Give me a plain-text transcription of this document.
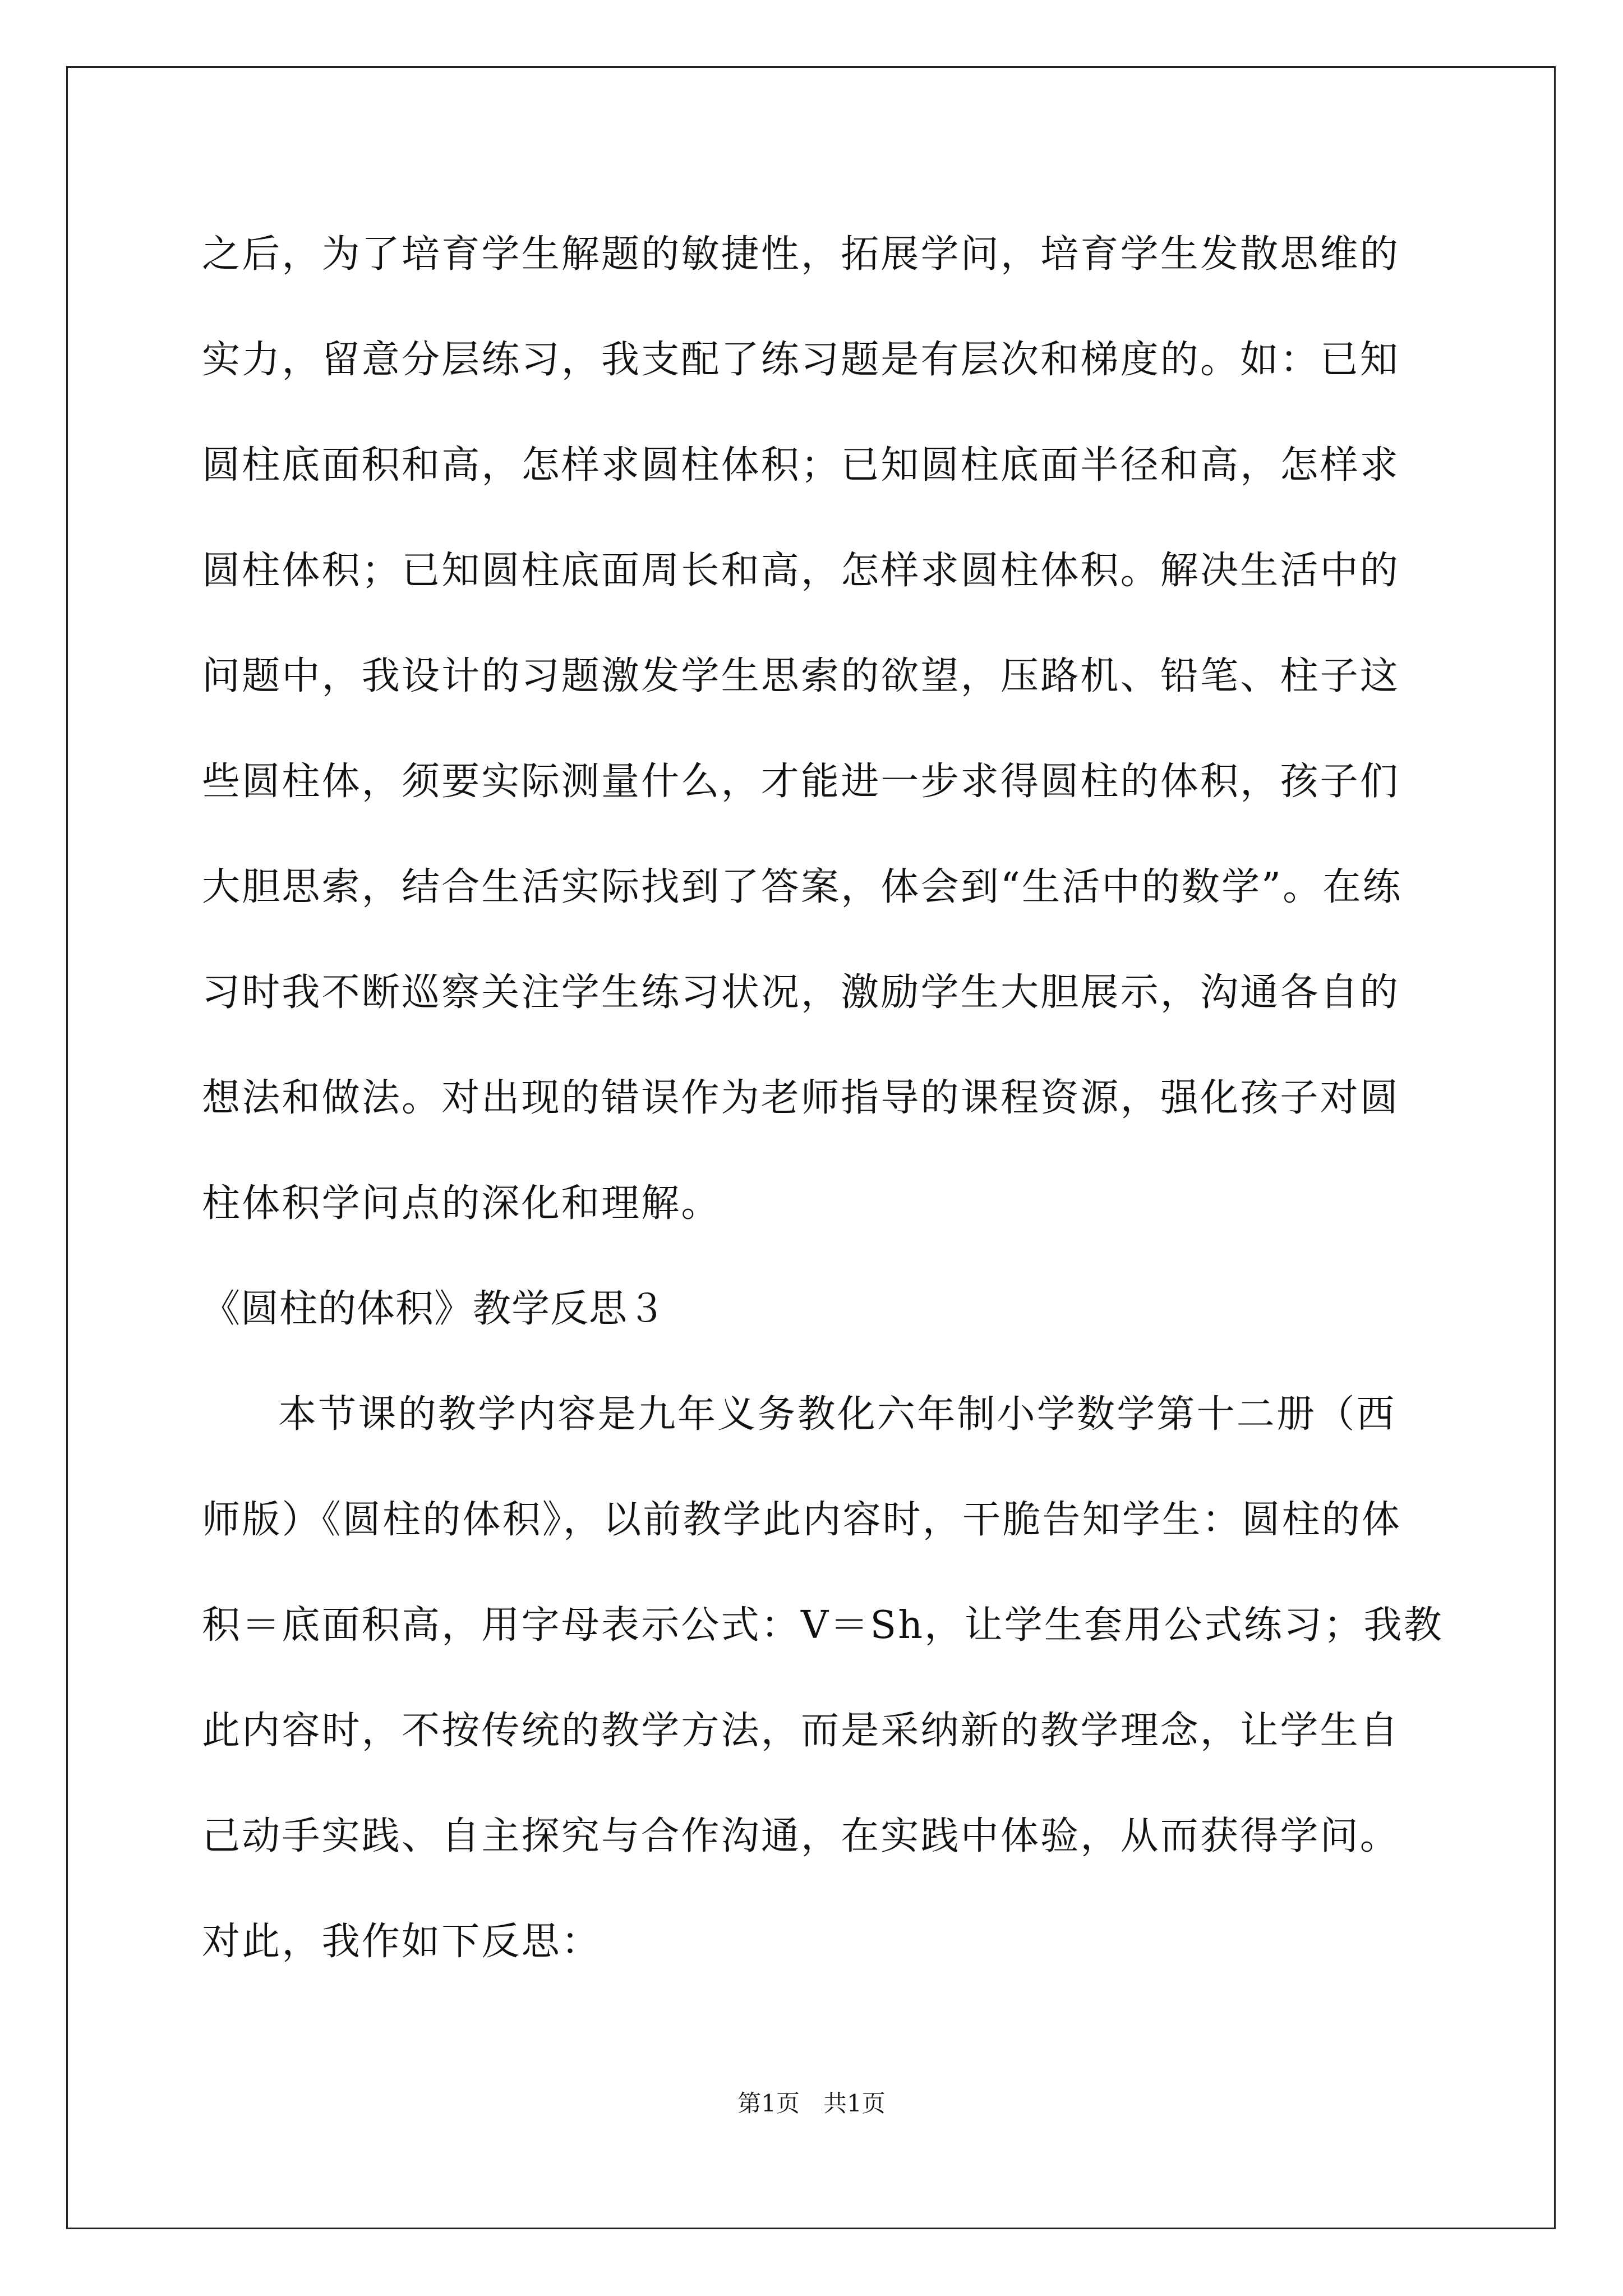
之后，为了培育学生解题的敏捷性，拓展学问，培育学生发散思维的
实力，留意分层练习，我支配了练习题是有层次和梯度的。如：已知
圆柱底面积和高，怎样求圆柱体积；已知圆柱底面半径和高，怎样求
圆柱体积；已知圆柱底面周长和高，怎样求圆柱体积。解决生活中的
问题中，我设计的习题激发学生思索的欲望，压路机、铅笔、柱子这
些圆柱体，须要实际测量什么，才能进一步求得圆柱的体积，孩子们
大胆思索，结合生活实际找到了答案，体会到“生活中的数学”。在练
习时我不断巡察关注学生练习状况，激励学生大胆展示，沟通各自的
想法和做法。对出现的错误作为老师指导的课程资源，强化孩子对圆
柱体积学问点的深化和理解。
《圆柱的体积》教学反思３
本节课的教学内容是九年义务教化六年制小学数学第十二册（西
师版）《圆柱的体积》，以前教学此内容时，干脆告知学生：圆柱的体
积＝底面积高，用字母表示公式：V＝Sh，让学生套用公式练习；我教
此内容时，不按传统的教学方法，而是采纳新的教学理念，让学生自
己动手实践、自主探究与合作沟通，在实践中体验，从而获得学问。
对此，我作如下反思：
第1页　共1页
